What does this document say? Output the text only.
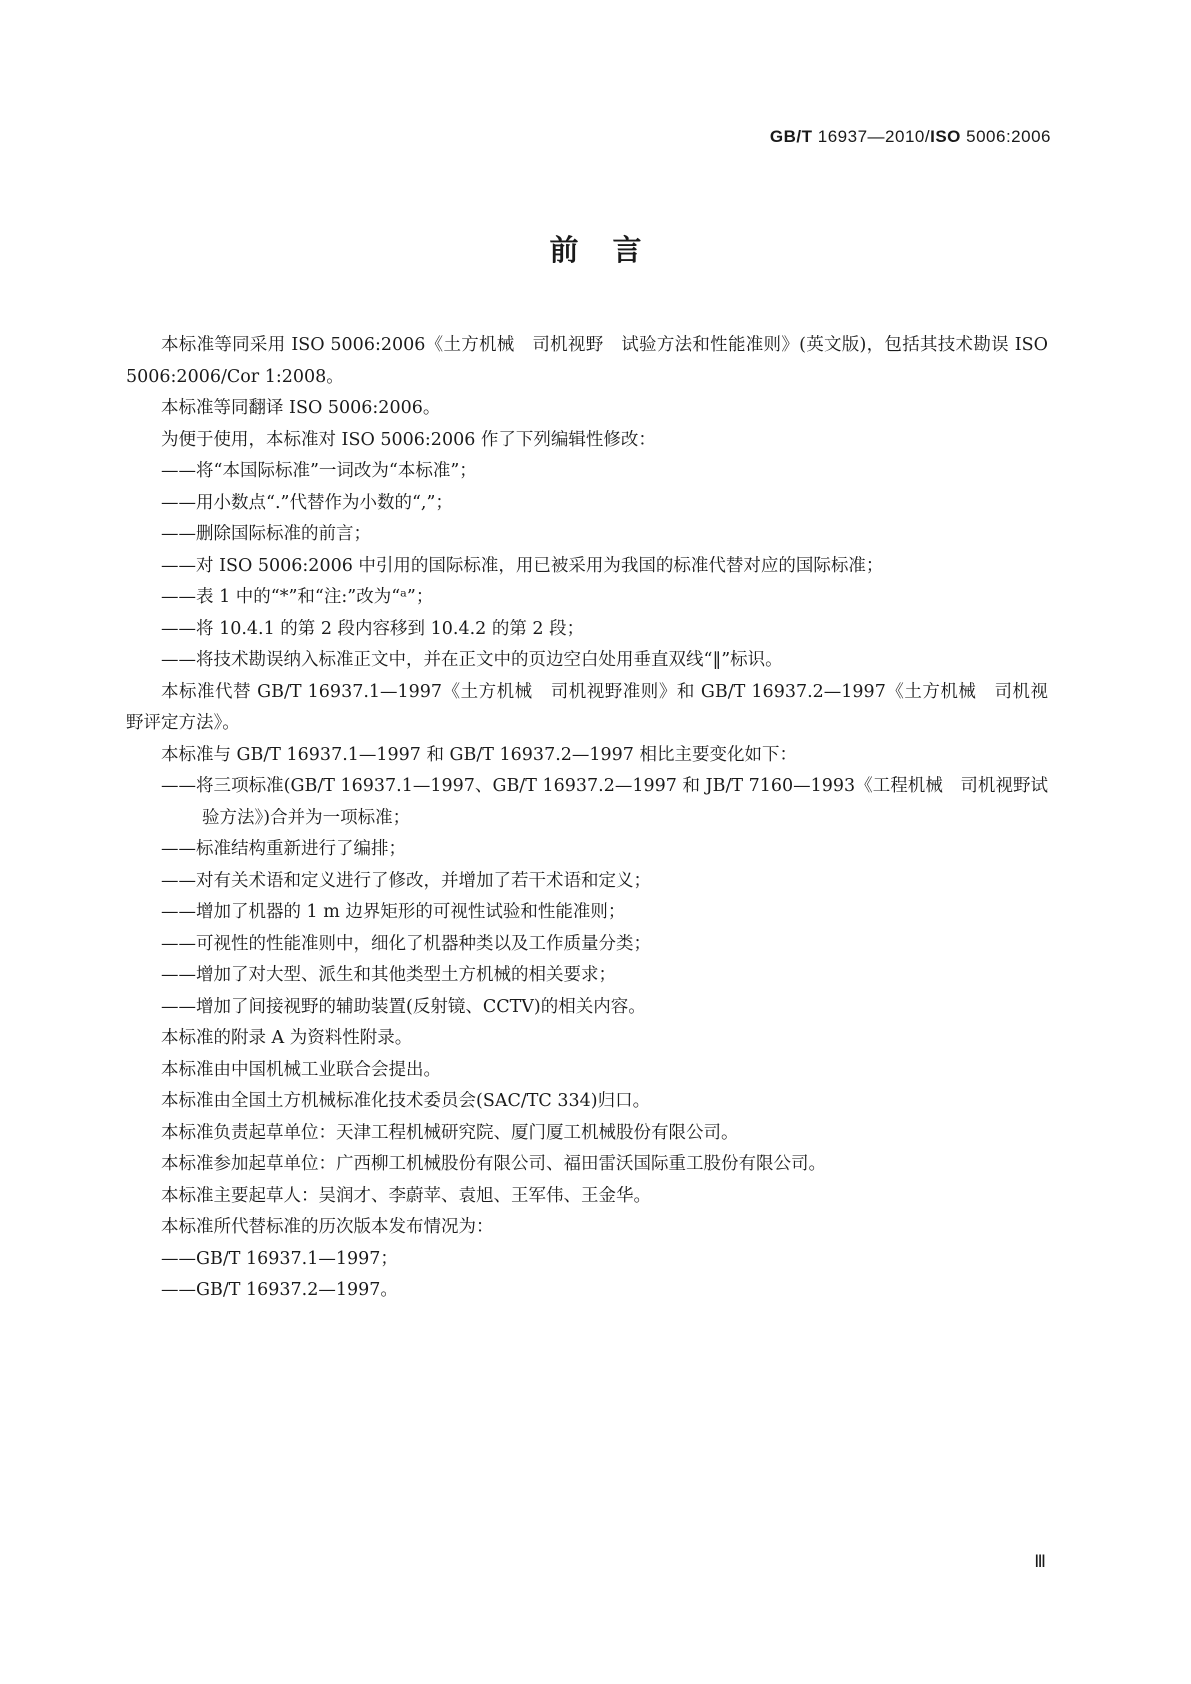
GB/T 16937—2010/ISO 5006:2006
前言

本标准等同采用 ISO 5006:2006《土方机械　司机视野　试验方法和性能准则》(英文版)，包括其技术勘误 ISO 5006:2006/Cor 1:2008。

本标准等同翻译 ISO 5006:2006。

为便于使用，本标准对 ISO 5006:2006 作了下列编辑性修改：

——将“本国际标准”一词改为“本标准”；

——用小数点“.”代替作为小数的“,”；

——删除国际标准的前言；

——对 ISO 5006:2006 中引用的国际标准，用已被采用为我国的标准代替对应的国际标准；

——表 1 中的“*”和“注:”改为“ᵃ”；

——将 10.4.1 的第 2 段内容移到 10.4.2 的第 2 段；

——将技术勘误纳入标准正文中，并在正文中的页边空白处用垂直双线“‖”标识。

本标准代替 GB/T 16937.1—1997《土方机械　司机视野准则》和 GB/T 16937.2—1997《土方机械　司机视野评定方法》。

本标准与 GB/T 16937.1—1997 和 GB/T 16937.2—1997 相比主要变化如下：

——将三项标准(GB/T 16937.1—1997、GB/T 16937.2—1997 和 JB/T 7160—1993《工程机械　司机视野试验方法》)合并为一项标准；

——标准结构重新进行了编排；

——对有关术语和定义进行了修改，并增加了若干术语和定义；

——增加了机器的 1 m 边界矩形的可视性试验和性能准则；

——可视性的性能准则中，细化了机器种类以及工作质量分类；

——增加了对大型、派生和其他类型土方机械的相关要求；

——增加了间接视野的辅助装置(反射镜、CCTV)的相关内容。

本标准的附录 A 为资料性附录。

本标准由中国机械工业联合会提出。

本标准由全国土方机械标准化技术委员会(SAC/TC 334)归口。

本标准负责起草单位：天津工程机械研究院、厦门厦工机械股份有限公司。

本标准参加起草单位：广西柳工机械股份有限公司、福田雷沃国际重工股份有限公司。

本标准主要起草人：吴润才、李蔚苹、袁旭、王军伟、王金华。

本标准所代替标准的历次版本发布情况为：

——GB/T 16937.1—1997；

——GB/T 16937.2—1997。

Ⅲ
